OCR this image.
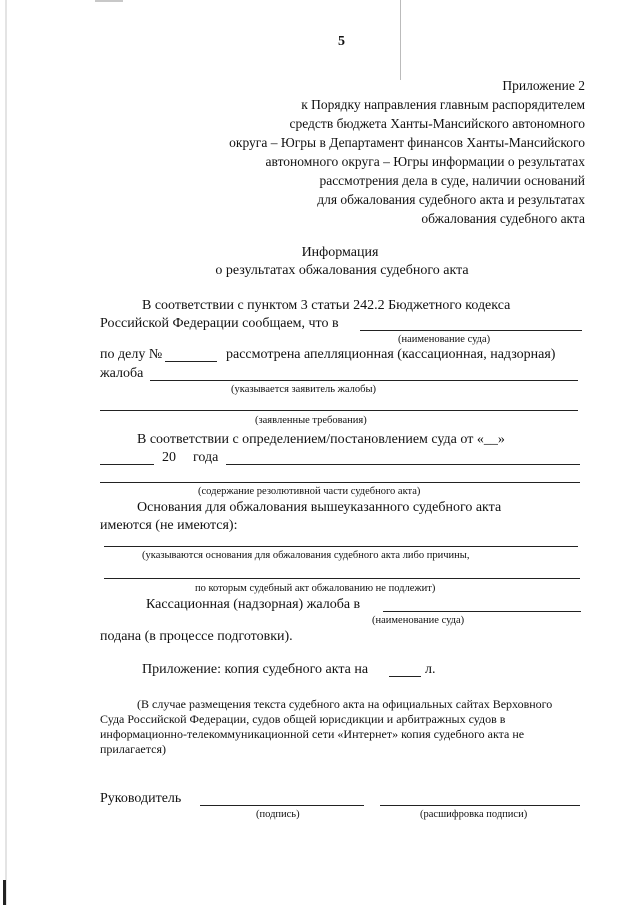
5
Приложение 2
к Порядку направления главным распорядителем
средств бюджета Ханты-Мансийского автономного
округа – Югры в Департамент финансов Ханты-Мансийского
автономного округа – Югры информации о результатах
рассмотрения дела в суде, наличии оснований
для обжалования судебного акта и результатах
обжалования судебного акта
Информация
о результатах обжалования судебного акта
В соответствии с пунктом 3 статьи 242.2 Бюджетного кодекса
Российской Федерации сообщаем, что в
(наименование суда)
по делу №	рассмотрена апелляционная (кассационная, надзорная)
жалоба
(указывается заявитель жалобы)
(заявленные требования)
В соответствии с определением/постановлением суда от «__»
20 года
(содержание резолютивной части судебного акта)
Основания для обжалования вышеуказанного судебного акта
имеются (не имеются):
(указываются основания для обжалования судебного акта либо причины,
по которым судебный акт обжалованию не подлежит)
Кассационная (надзорная) жалоба в
(наименование суда)
подана (в процессе подготовки).
Приложение: копия судебного акта на	л.
(В случае размещения текста судебного акта на официальных сайтах Верховного
Суда Российской Федерации, судов общей юрисдикции и арбитражных судов в
информационно-телекоммуникационной сети «Интернет» копия судебного акта не
прилагается)
Руководитель
(подпись)	(расшифровка подписи)
